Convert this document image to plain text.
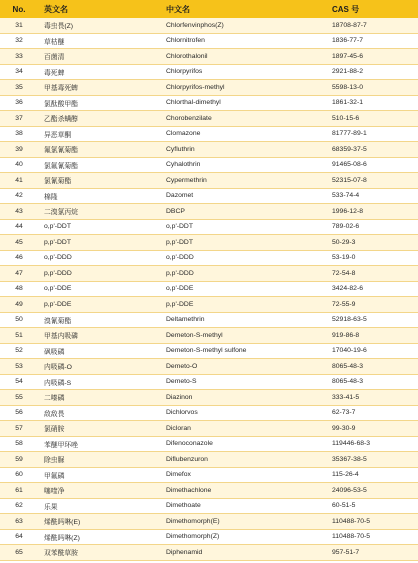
No.	英文名	中文名	CAS 号
31	毒虫畏(Z)	Chlorfenvinphos(Z)	18708-87-7
32	草枯醚	Chlornitrofen	1836-77-7
33	百菌清	Chlorothalonil	1897-45-6
34	毒死蜱	Chlorpyrifos	2921-88-2
35	甲基毒死蜱	Chlorpyrifos-methyl	5598-13-0
36	氯酞酸甲酯	Chlorthal-dimethyl	1861-32-1
37	乙酯杀螨醇	Chorobenzilate	510-15-6
38	异恶草酮	Clomazone	81777-89-1
39	氟氯氰菊酯	Cyfluthrin	68359-37-5
40	氯氟氰菊酯	Cyhalothrin	91465-08-6
41	氯氰菊酯	Cypermethrin	52315-07-8
42	棉隆	Dazomet	533-74-4
43	二溴氯丙烷	DBCP	1996-12-8
44	o,p'-DDT	o,p'-DDT	789-02-6
45	p,p'-DDT	p,p'-DDT	50-29-3
46	o,p'-DDD	o,p'-DDD	53-19-0
47	p,p'-DDD	p,p'-DDD	72-54-8
48	o,p'-DDE	o,p'-DDE	3424-82-6
49	p,p'-DDE	p,p'-DDE	72-55-9
50	溴氰菊酯	Deltamethrin	52918-63-5
51	甲基内吸磷	Demeton-S-methyl	919-86-8
52	砜吸磷	Demeton-S-methyl sulfone	17040-19-6
53	内吸磷-O	Demeto-O	8065-48-3
54	内吸磷-S	Demeto-S	8065-48-3
55	二嗪磷	Diazinon	333-41-5
56	敌敌畏	Dichlorvos	62-73-7
57	氯硝胺	Dicloran	99-30-9
58	苯醚甲环唑	Difenoconazole	119446-68-3
59	除虫脲	Diflubenzuron	35367-38-5
60	甲氟磷	Dimefox	115-26-4
61	噻喹净	Dimethachlone	24096-53-5
62	乐果	Dimethoate	60-51-5
63	烯酰吗啉(E)	Dimethomorph(E)	110488-70-5
64	烯酰吗啉(Z)	Dimethomorph(Z)	110488-70-5
65	双苯酰草胺	Diphenamid	957-51-7
